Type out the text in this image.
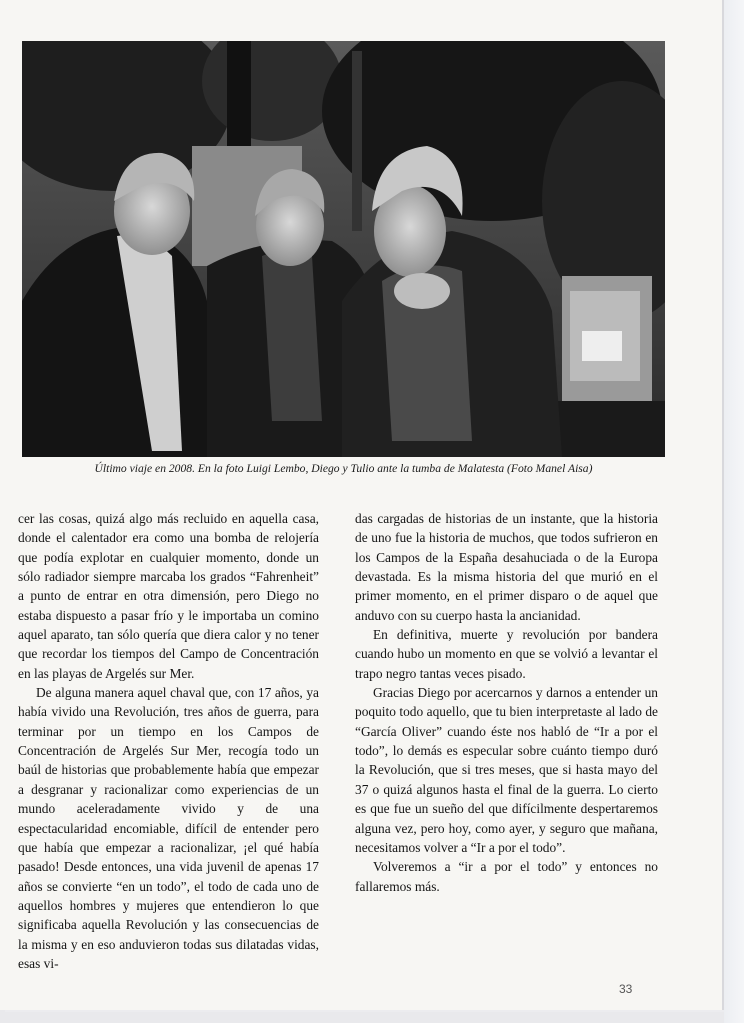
Último viaje en 2008. En la foto Luigi Lembo, Diego y Tulio ante la tumba de Malatesta (Foto Manel Aisa)

cer las cosas, quizá algo más recluido en aquella casa, donde el calentador era como una bomba de relojería que podía explotar en cualquier momento, donde un sólo radiador siempre marcaba los grados “Fahrenheit” a punto de entrar en otra dimensión, pero Diego no estaba dispuesto a pasar frío y le importaba un comino aquel aparato, tan sólo quería que diera calor y no tener que recordar los tiempos del Campo de Concentración en las playas de Argelés sur Mer.

De alguna manera aquel chaval que, con 17 años, ya había vivido una Revolución, tres años de guerra, para terminar por un tiempo en los Campos de Concentración de Argelés Sur Mer, recogía todo un baúl de historias que probablemente había que empezar a desgranar y racionalizar como experiencias de un mundo aceleradamente vivido y de una espectacularidad encomiable, difícil de entender pero que había que empezar a racionalizar, ¡el qué había pasado! Desde entonces, una vida juvenil de apenas 17 años se convierte “en un todo”, el todo de cada uno de aquellos hombres y mujeres que entendieron lo que significaba aquella Revolución y las consecuencias de la misma y en eso anduvieron todas sus dilatadas vidas, esas vi-

das cargadas de historias de un instante, que la historia de uno fue la historia de muchos, que todos sufrieron en los Campos de la España desahuciada o de la Europa devastada. Es la misma historia del que murió en el primer momento, en el primer disparo o de aquel que anduvo con su cuerpo hasta la ancianidad.

En definitiva, muerte y revolución por bandera cuando hubo un momento en que se volvió a levantar el trapo negro tantas veces pisado.

Gracias Diego por acercarnos y darnos a entender un poquito todo aquello, que tu bien interpretaste al lado de “García Oliver” cuando éste nos habló de “Ir a por el todo”, lo demás es especular sobre cuánto tiempo duró la Revolución, que si tres meses, que si hasta mayo del 37 o quizá algunos hasta el final de la guerra. Lo cierto es que fue un sueño del que difícilmente despertaremos alguna vez, pero hoy, como ayer, y seguro que mañana, necesitamos volver a “Ir a por el todo”.

Volveremos a “ir a por el todo” y entonces no fallaremos más.

33
